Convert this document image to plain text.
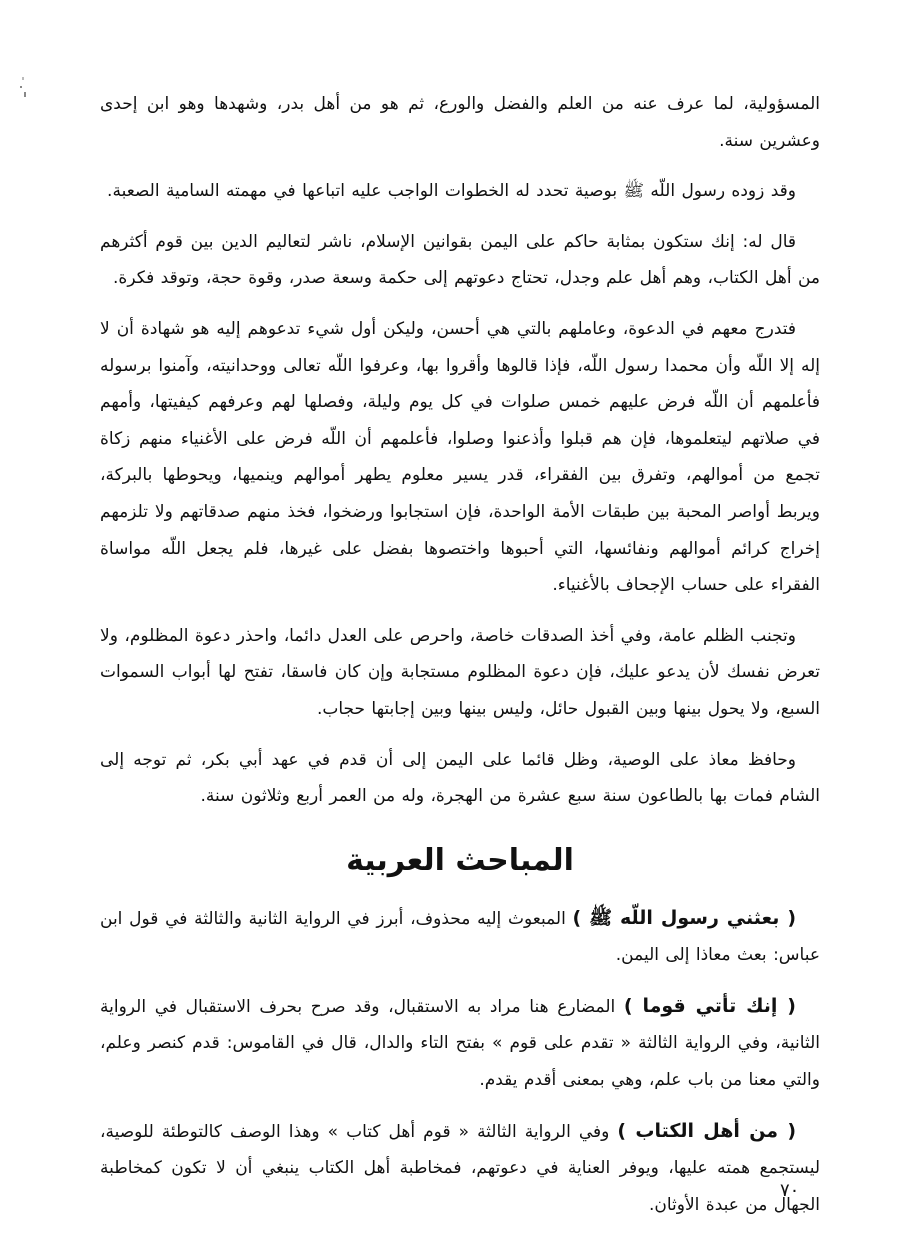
المسؤولية، لما عرف عنه من العلم والفضل والورع، ثم هو من أهل بدر، وشهدها وهو ابن إحدى وعشرين سنة.

وقد زوده رسول اللّه ﷺ بوصية تحدد له الخطوات الواجب عليه اتباعها في مهمته السامية الصعبة.

قال له: إنك ستكون بمثابة حاكم على اليمن بقوانين الإسلام، ناشر لتعاليم الدين بين قوم أكثرهم من أهل الكتاب، وهم أهل علم وجدل، تحتاج دعوتهم إلى حكمة وسعة صدر، وقوة حجة، وتوقد فكرة.

فتدرج معهم في الدعوة، وعاملهم بالتي هي أحسن، وليكن أول شيء تدعوهم إليه هو شهادة أن لا إله إلا اللّه وأن محمدا رسول اللّه، فإذا قالوها وأقروا بها، وعرفوا اللّه تعالى ووحدانيته، وآمنوا برسوله فأعلمهم أن اللّه فرض عليهم خمس صلوات في كل يوم وليلة، وفصلها لهم وعرفهم كيفيتها، وأمهم في صلاتهم ليتعلموها، فإن هم قبلوا وأذعنوا وصلوا، فأعلمهم أن اللّه فرض على الأغنياء منهم زكاة تجمع من أموالهم، وتفرق بين الفقراء، قدر يسير معلوم يطهر أموالهم وينميها، ويحوطها بالبركة، ويربط أواصر المحبة بين طبقات الأمة الواحدة، فإن استجابوا ورضخوا، فخذ منهم صدقاتهم ولا تلزمهم إخراج كرائم أموالهم ونفائسها، التي أحبوها واختصوها بفضل على غيرها، فلم يجعل اللّه مواساة الفقراء على حساب الإجحاف بالأغنياء.

وتجنب الظلم عامة، وفي أخذ الصدقات خاصة، واحرص على العدل دائما، واحذر دعوة المظلوم، ولا تعرض نفسك لأن يدعو عليك، فإن دعوة المظلوم مستجابة وإن كان فاسقا، تفتح لها أبواب السموات السبع، ولا يحول بينها وبين القبول حائل، وليس بينها وبين إجابتها حجاب.

وحافظ معاذ على الوصية، وظل قائما على اليمن إلى أن قدم في عهد أبي بكر، ثم توجه إلى الشام فمات بها بالطاعون سنة سبع عشرة من الهجرة، وله من العمر أربع وثلاثون سنة.

المباحث العربية

( بعثني رسول اللّه ﷺ ) المبعوث إليه محذوف، أبرز في الرواية الثانية والثالثة في قول ابن عباس: بعث معاذا إلى اليمن.

( إنك تأتي قوما ) المضارع هنا مراد به الاستقبال، وقد صرح بحرف الاستقبال في الرواية الثانية، وفي الرواية الثالثة « تقدم على قوم » بفتح التاء والدال، قال في القاموس: قدم كنصر وعلم، والتي معنا من باب علم، وهي بمعنى أقدم يقدم.

( من أهل الكتاب ) وفي الرواية الثالثة « قوم أهل كتاب » وهذا الوصف كالتوطئة للوصية، ليستجمع همته عليها، ويوفر العناية في دعوتهم، فمخاطبة أهل الكتاب ينبغي أن لا تكون كمخاطبة الجهال من عبدة الأوثان.

٧٠
